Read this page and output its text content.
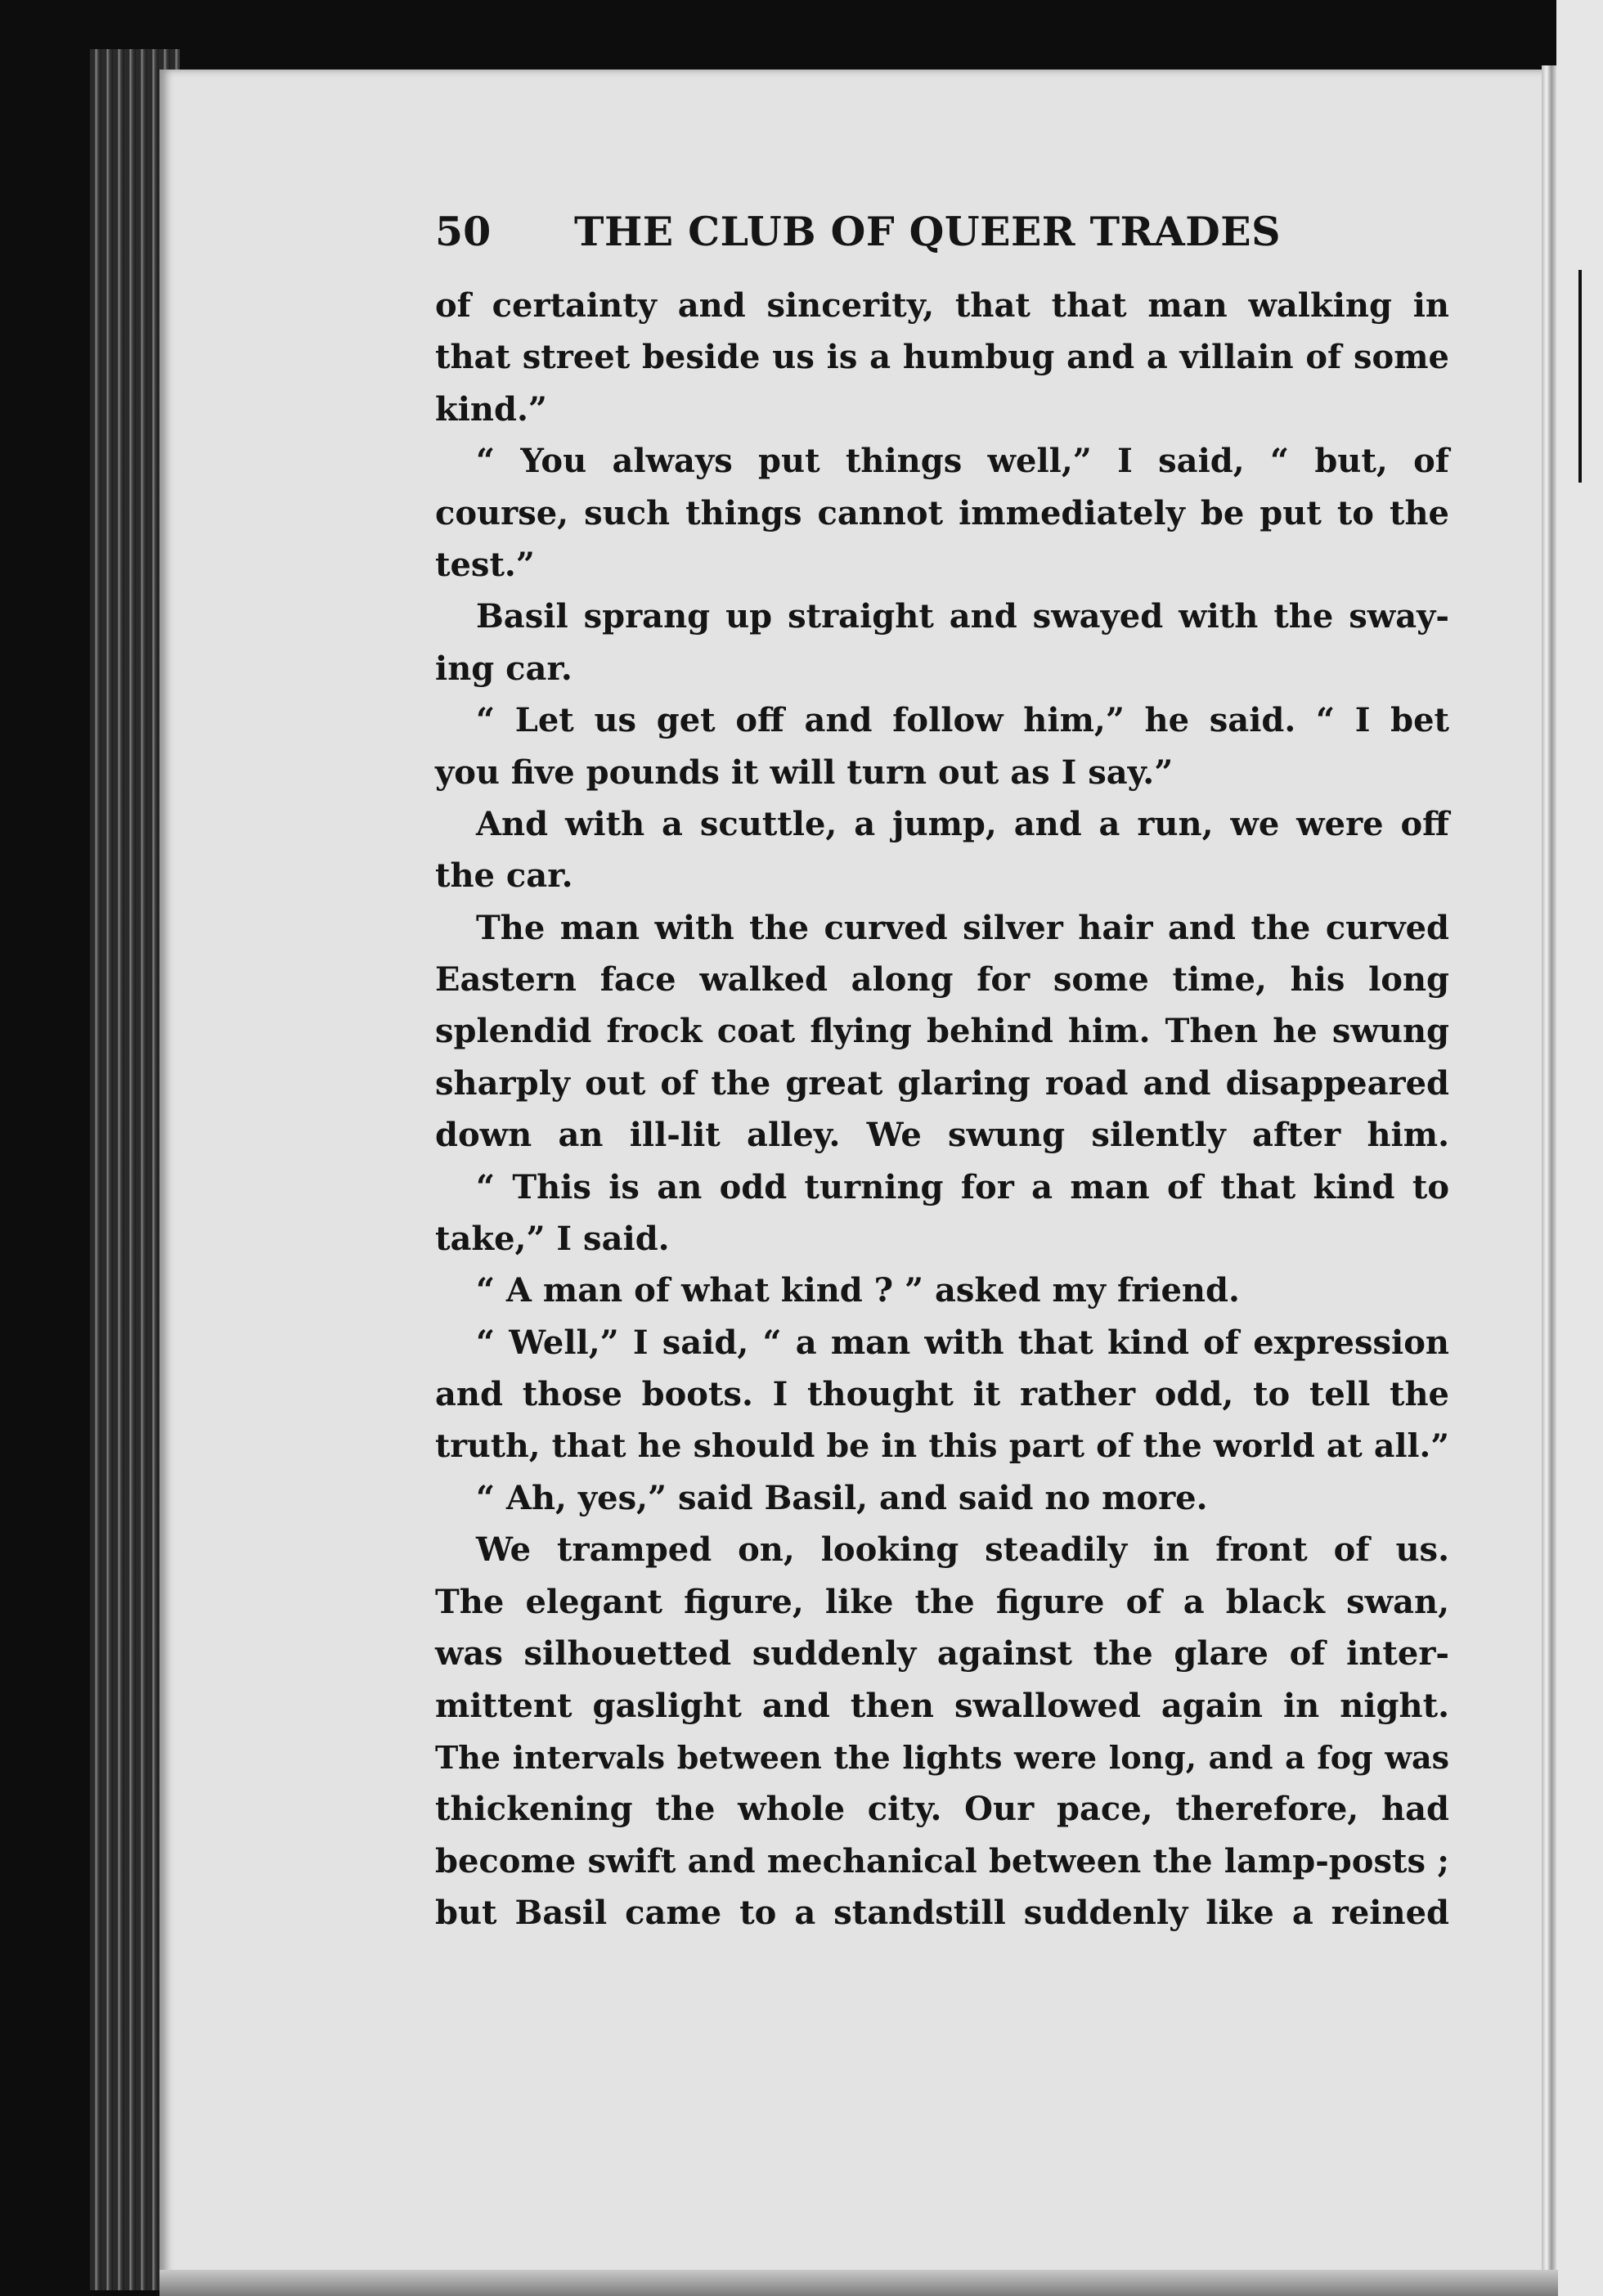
50 THE CLUB OF QUEER TRADES
of certainty and sincerity, that that man walking in
that street beside us is a humbug and a villain of some
kind.”
“ You always put things well,” I said, “ but, of
course, such things cannot immediately be put to the
test.”
Basil sprang up straight and swayed with the sway-
ing car.
“ Let us get off and follow him,” he said. “ I bet
you five pounds it will turn out as I say.”
And with a scuttle, a jump, and a run, we were off
the car.
The man with the curved silver hair and the curved
Eastern face walked along for some time, his long
splendid frock coat flying behind him. Then he swung
sharply out of the great glaring road and disappeared
down an ill-lit alley. We swung silently after him.
“ This is an odd turning for a man of that kind to
take,” I said.
“ A man of what kind ? ” asked my friend.
“ Well,” I said, “ a man with that kind of expression
and those boots. I thought it rather odd, to tell the
truth, that he should be in this part of the world at all.”
“ Ah, yes,” said Basil, and said no more.
We tramped on, looking steadily in front of us.
The elegant figure, like the figure of a black swan,
was silhouetted suddenly against the glare of inter-
mittent gaslight and then swallowed again in night.
The intervals between the lights were long, and a fog was
thickening the whole city. Our pace, therefore, had
become swift and mechanical between the lamp-posts ;
but Basil came to a standstill suddenly like a reined
